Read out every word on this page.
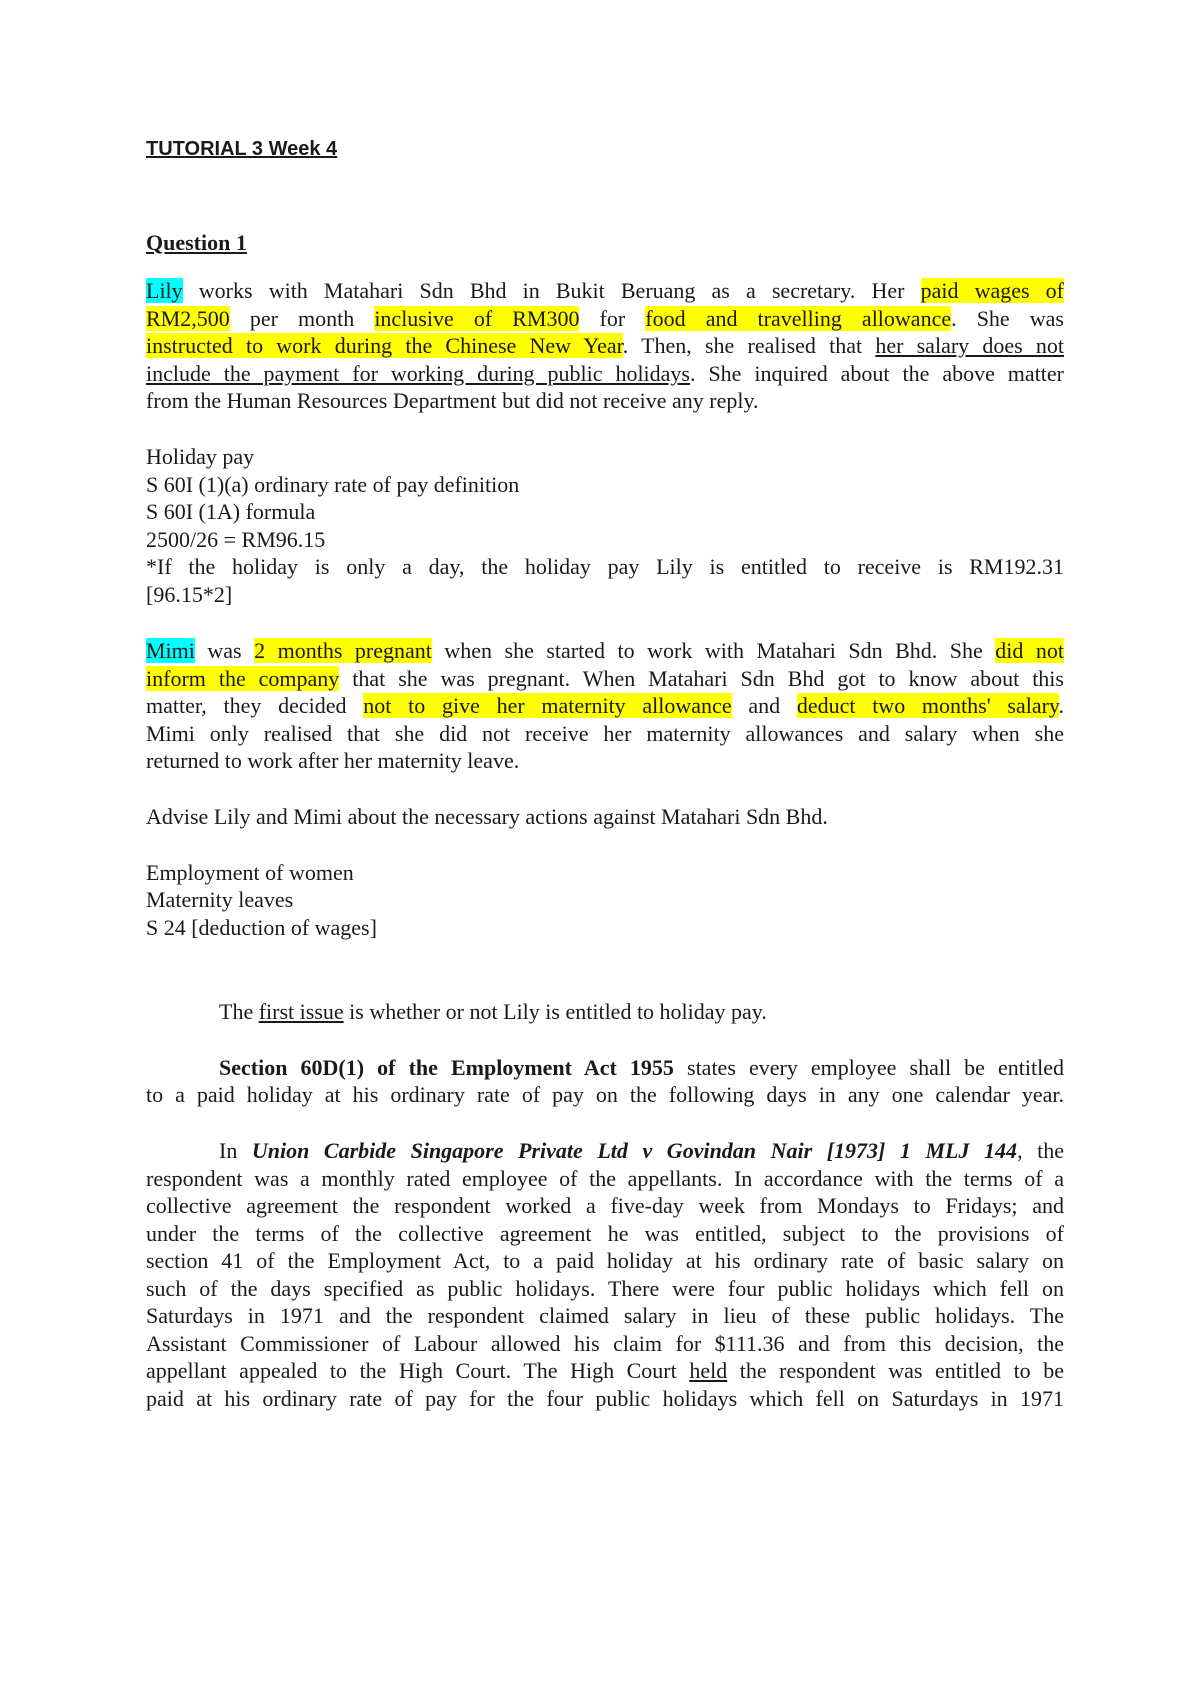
TUTORIAL 3 Week 4
Question 1
Lily works with Matahari Sdn Bhd in Bukit Beruang as a secretary. Her paid wages of
RM2,500 per month inclusive of RM300 for food and travelling allowance. She was
instructed to work during the Chinese New Year. Then, she realised that her salary does not
include the payment for working during public holidays. She inquired about the above matter
from the Human Resources Department but did not receive any reply.
Holiday pay
S 60I (1)(a) ordinary rate of pay definition
S 60I (1A) formula
2500/26 = RM96.15
*If the holiday is only a day, the holiday pay Lily is entitled to receive is RM192.31
[96.15*2]
Mimi was 2 months pregnant when she started to work with Matahari Sdn Bhd. She did not
inform the company that she was pregnant. When Matahari Sdn Bhd got to know about this
matter, they decided not to give her maternity allowance and deduct two months' salary.
Mimi only realised that she did not receive her maternity allowances and salary when she
returned to work after her maternity leave.
Advise Lily and Mimi about the necessary actions against Matahari Sdn Bhd.
Employment of women
Maternity leaves
S 24 [deduction of wages]
The first issue is whether or not Lily is entitled to holiday pay.
Section 60D(1) of the Employment Act 1955 states every employee shall be entitled
to a paid holiday at his ordinary rate of pay on the following days in any one calendar year.
In Union Carbide Singapore Private Ltd v Govindan Nair [1973] 1 MLJ 144, the
respondent was a monthly rated employee of the appellants. In accordance with the terms of a
collective agreement the respondent worked a five-day week from Mondays to Fridays; and
under the terms of the collective agreement he was entitled, subject to the provisions of
section 41 of the Employment Act, to a paid holiday at his ordinary rate of basic salary on
such of the days specified as public holidays. There were four public holidays which fell on
Saturdays in 1971 and the respondent claimed salary in lieu of these public holidays. The
Assistant Commissioner of Labour allowed his claim for $111.36 and from this decision, the
appellant appealed to the High Court. The High Court held the respondent was entitled to be
paid at his ordinary rate of pay for the four public holidays which fell on Saturdays in 1971
